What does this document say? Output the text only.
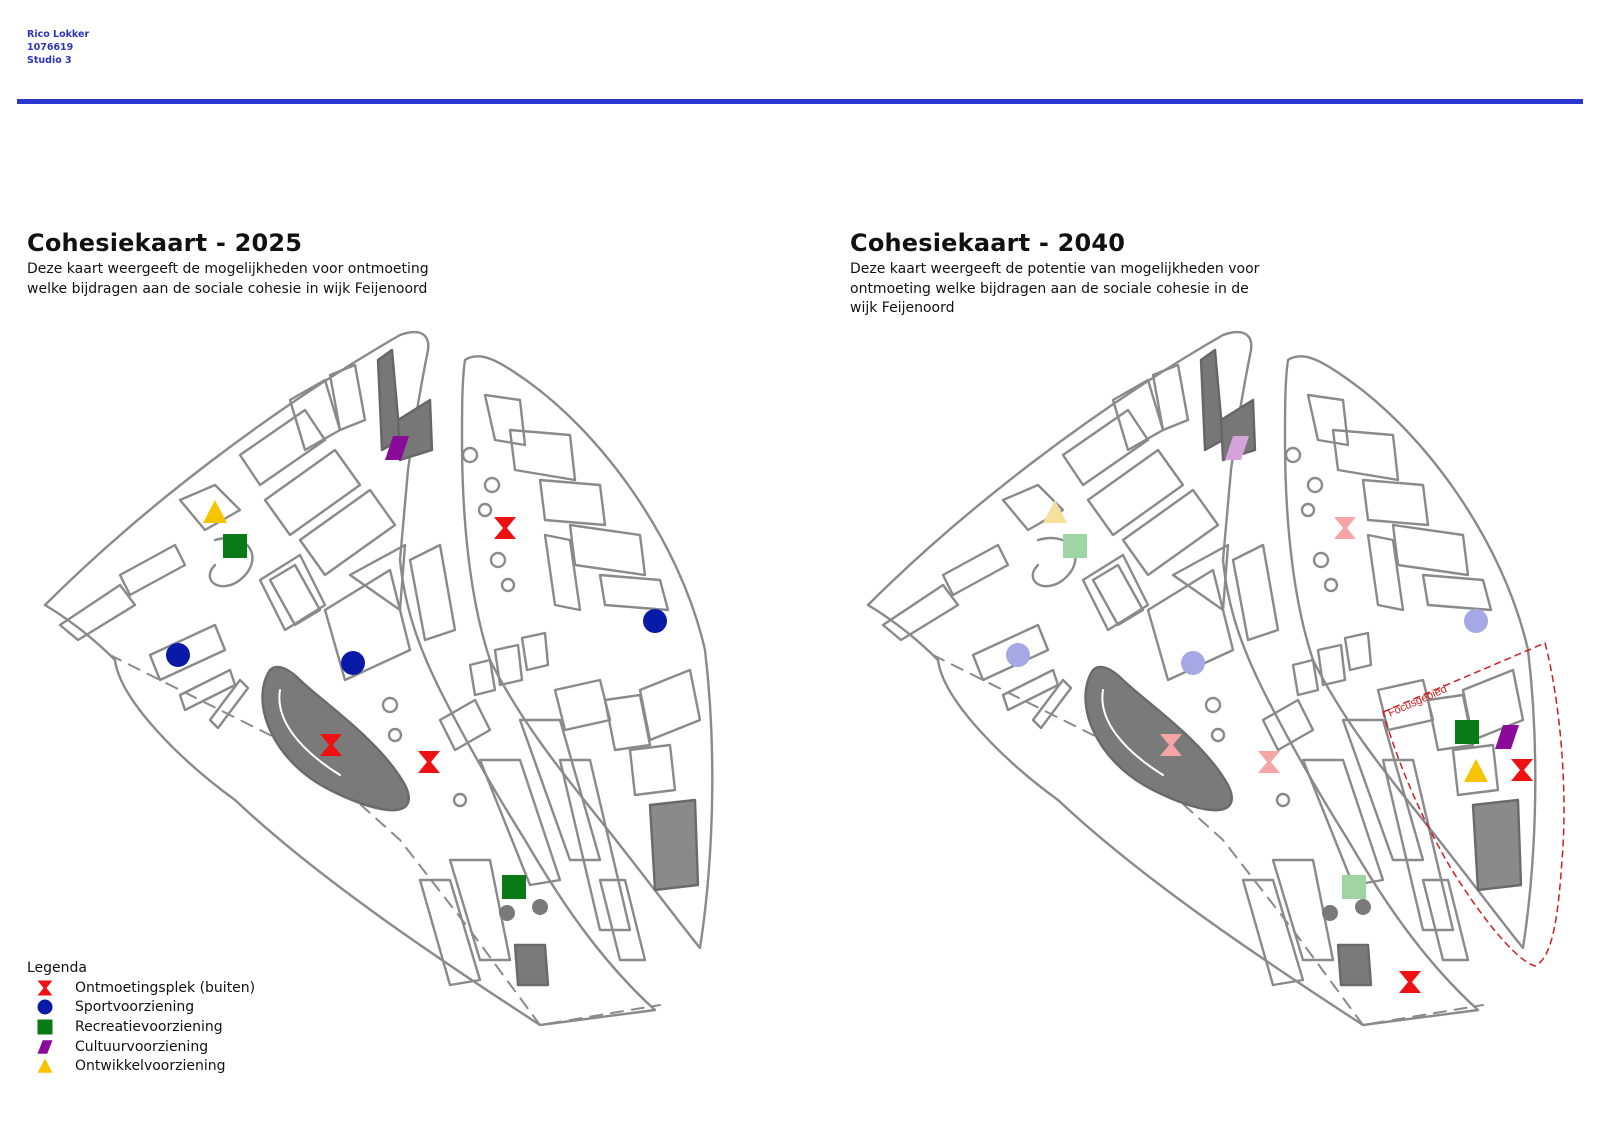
Rico Lokker
1076619
Studio 3
Cohesiekaart - 2025
Deze kaart weergeeft de mogelijkheden voor ontmoeting
welke bijdragen aan de sociale cohesie in wijk Feijenoord
Cohesiekaart - 2040
Deze kaart weergeeft de potentie van mogelijkheden voor
ontmoeting welke bijdragen aan de sociale cohesie in de
wijk Feijenoord
Focusgebied
Legenda
Ontmoetingsplek (buiten)
Sportvoorziening
Recreatievoorziening
Cultuurvoorziening
Ontwikkelvoorziening
